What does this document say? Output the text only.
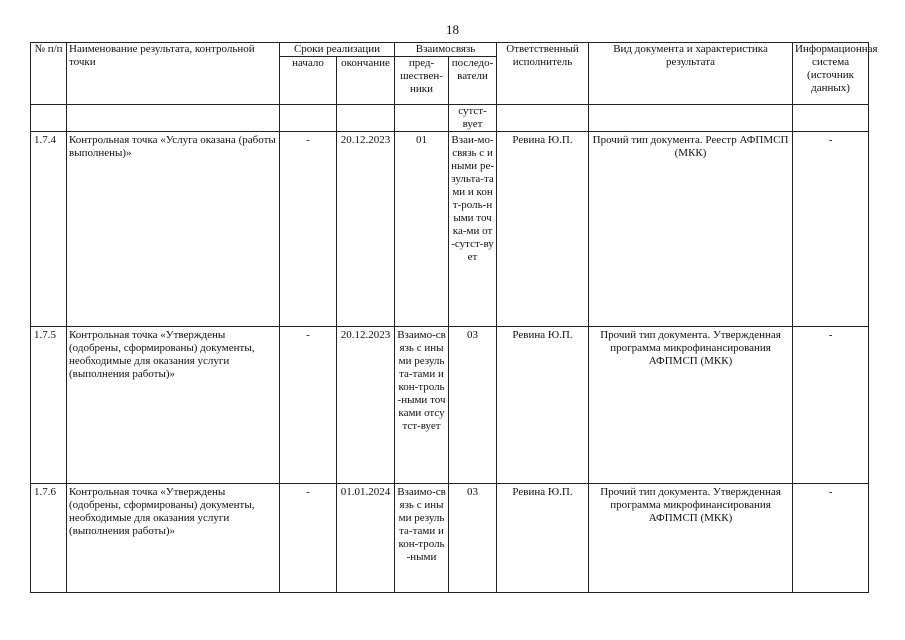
18
№ п/п	Наименование результата, контрольной точки	Сроки реализации		Взаимосвязь		Ответственный исполнитель	Вид документа и характеристика результата	Информационная система (источник данных)
		начало	окончание	пред-шествен-ники	последо-ватели			
					сутст-вует			
1.7.4	Контрольная точка «Услуга оказана (работы выполнены)»	-	20.12.2023	01	Взаи-мо-связь с иными ре-зульта-тами и конт-роль-ными точка-ми от-сутст-вует	Ревина Ю.П.	Прочий тип документа. Реестр АФПМСП (МКК)	-
1.7.5	Контрольная точка «Утверждены (одобрены, сформированы) документы, необходимые для оказания услуги (выполнения работы)»	-	20.12.2023	Взаимо-связь с иными результа-тами и кон-троль-ными точками отсутст-вует	03	Ревина Ю.П.	Прочий тип документа. Утвержденная программа микрофинансирования АФПМСП (МКК)	-
1.7.6	Контрольная точка «Утверждены (одобрены, сформированы) документы, необходимые для оказания услуги (выполнения работы)»	-	01.01.2024	Взаимо-связь с иными результа-тами и кон-троль-ными	03	Ревина Ю.П.	Прочий тип документа. Утвержденная программа микрофинансирования АФПМСП (МКК)	-
